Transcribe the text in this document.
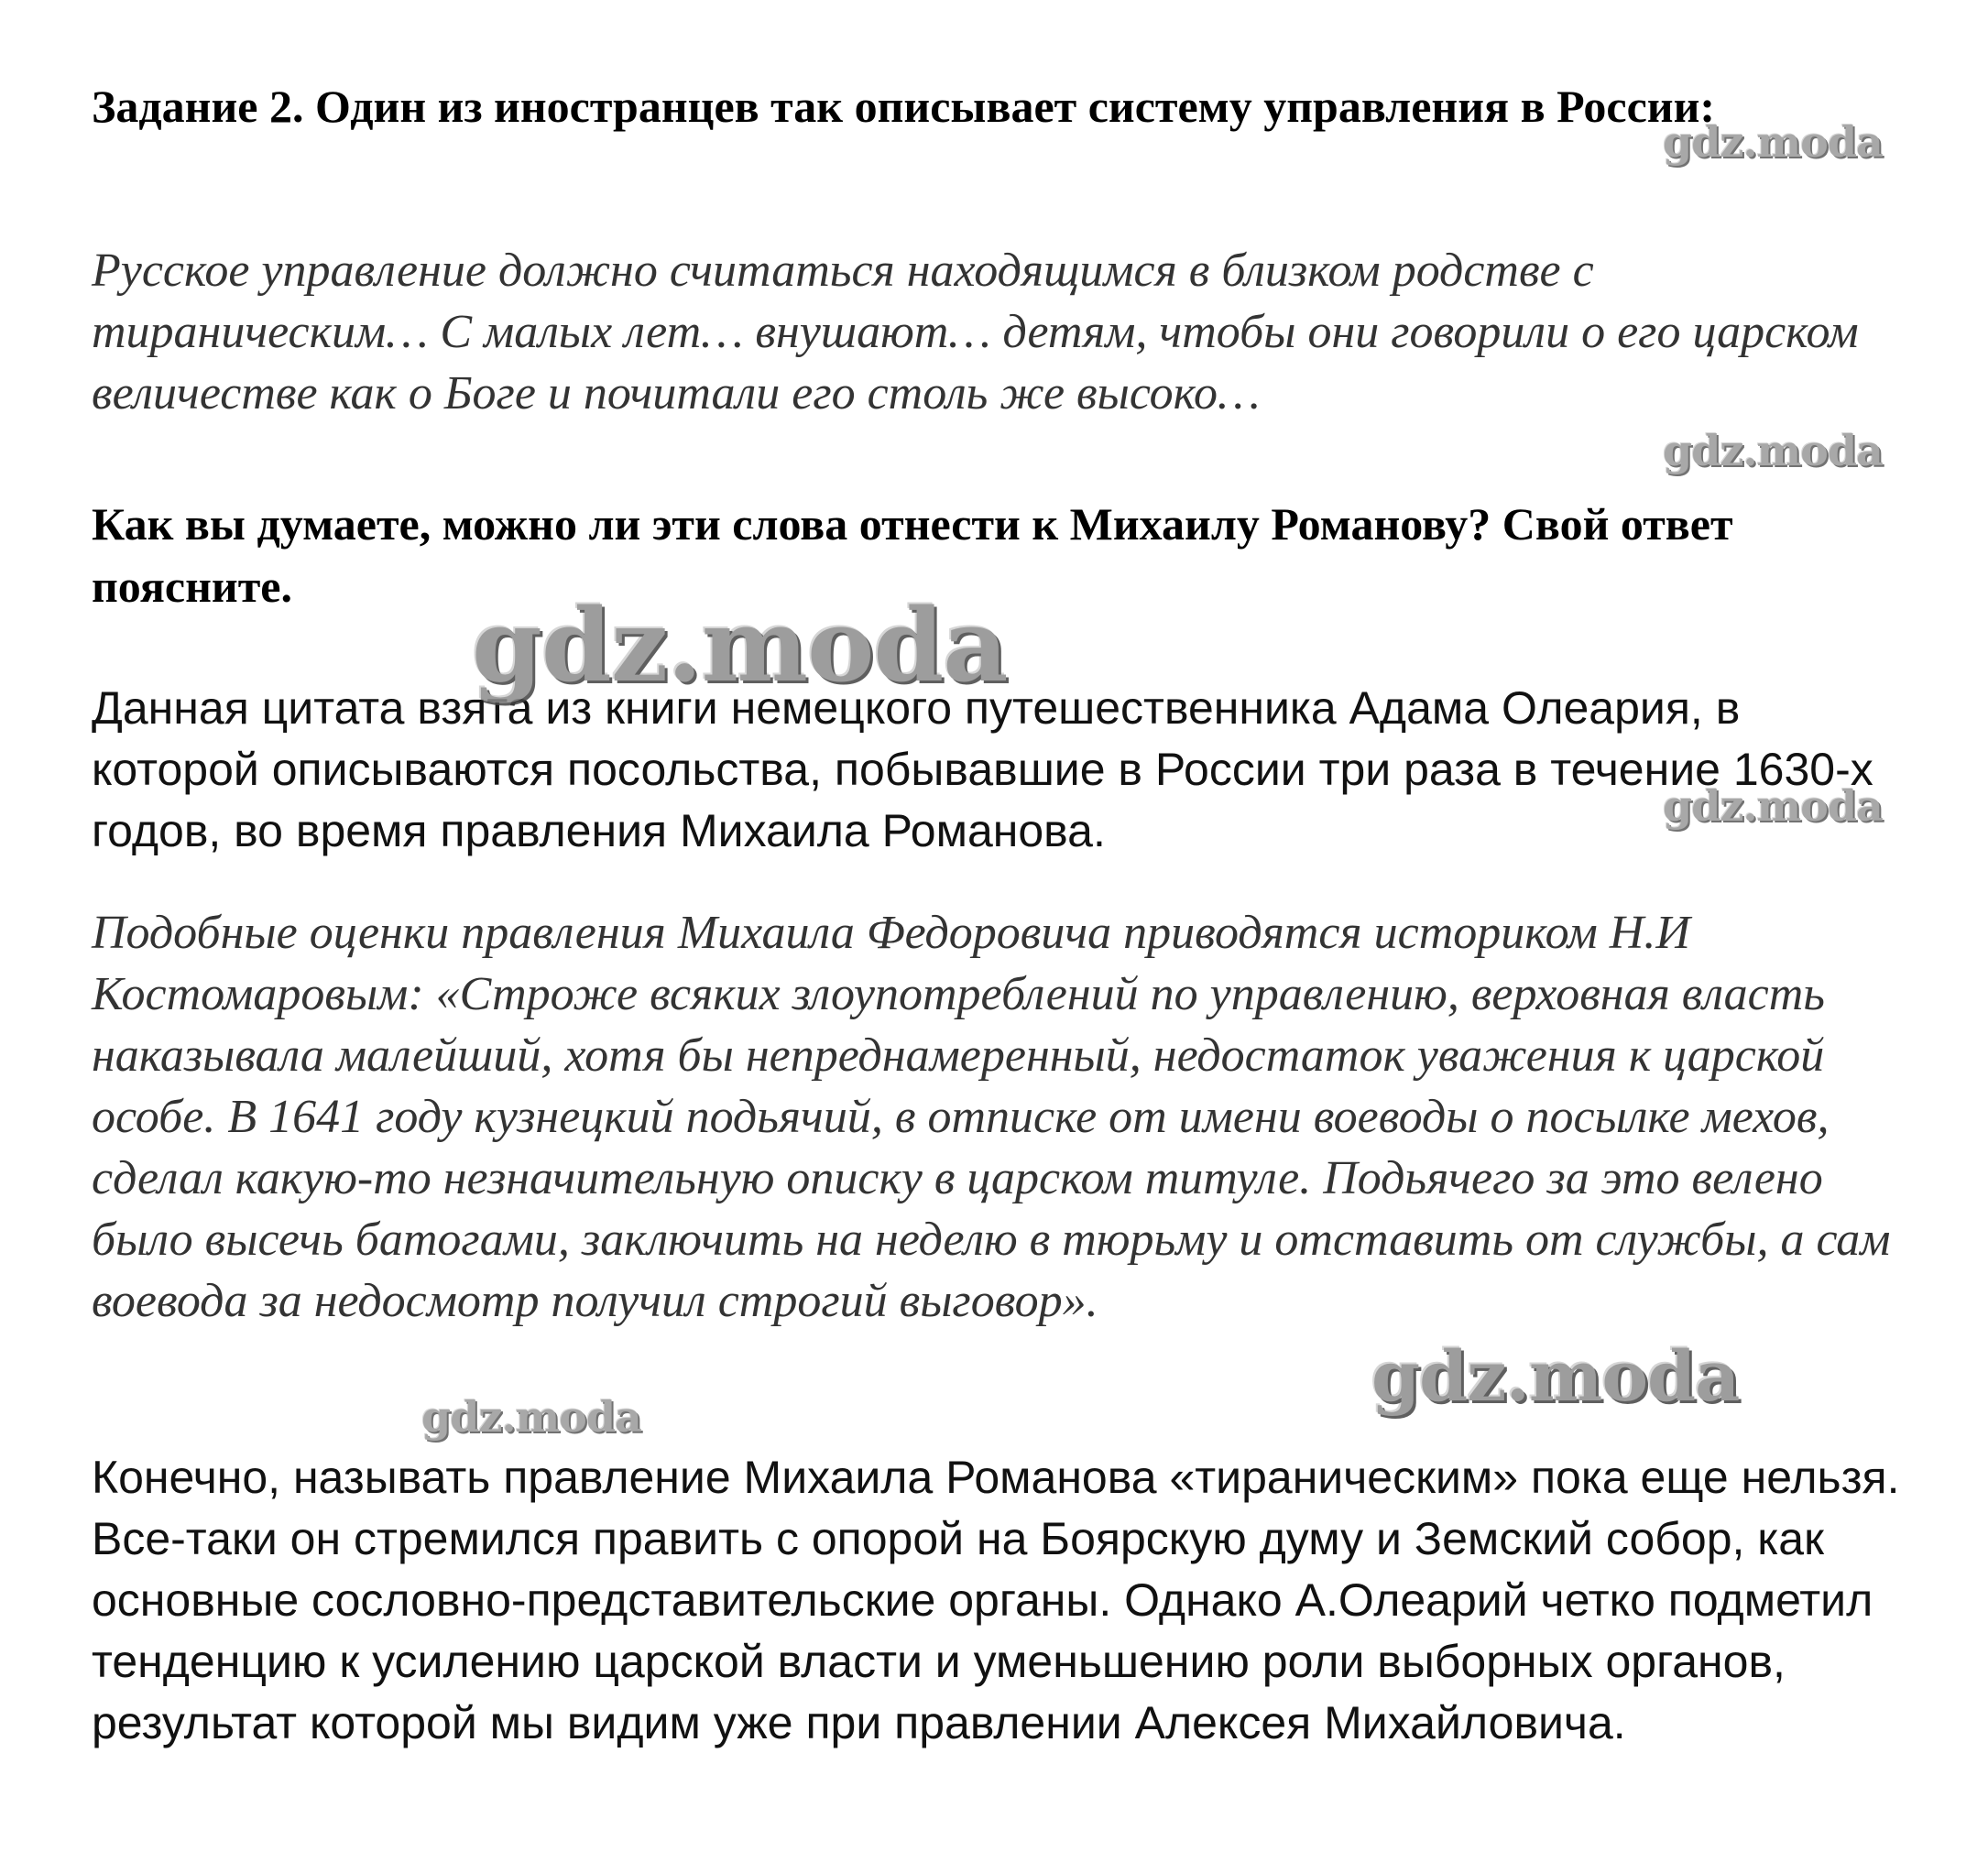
Задание 2. Один из иностранцев так описывает систему управления в России:

Русское управление должно считаться находящимся в близком родстве с тираническим… С малых лет… внушают… детям, чтобы они говорили о его царском величестве как о Боге и почитали его столь же высоко…

Как вы думаете, можно ли эти слова отнести к Михаилу Романову? Свой ответ поясните.

Данная цитата взята из книги немецкого путешественника Адама Олеария, в которой описываются посольства, побывавшие в России три раза в течение 1630-х годов, во время правления Михаила Романова.

Подобные оценки правления Михаила Федоровича приводятся историком Н.И Костомаровым: «Строже всяких злоупотреблений по управлению, верховная власть наказывала малейший, хотя бы непреднамеренный, недостаток уважения к царской особе. В 1641 году кузнецкий подьячий, в отписке от имени воеводы о посылке мехов, сделал какую-то незначительную описку в царском титуле. Подьячего за это велено было высечь батогами, заключить на неделю в тюрьму и отставить от службы, а сам воевода за недосмотр получил строгий выговор».

Конечно, называть правление Михаила Романова «тираническим» пока еще нельзя. Все-таки он стремился править с опорой на Боярскую думу и Земский собор, как основные сословно-представительские органы. Однако А.Олеарий четко подметил тенденцию к усилению царской власти и уменьшению роли выборных органов, результат которой мы видим уже при правлении Алексея Михайловича.

gdz.moda
gdz.moda
gdz.moda
gdz.moda
gdz.moda
gdz.moda
